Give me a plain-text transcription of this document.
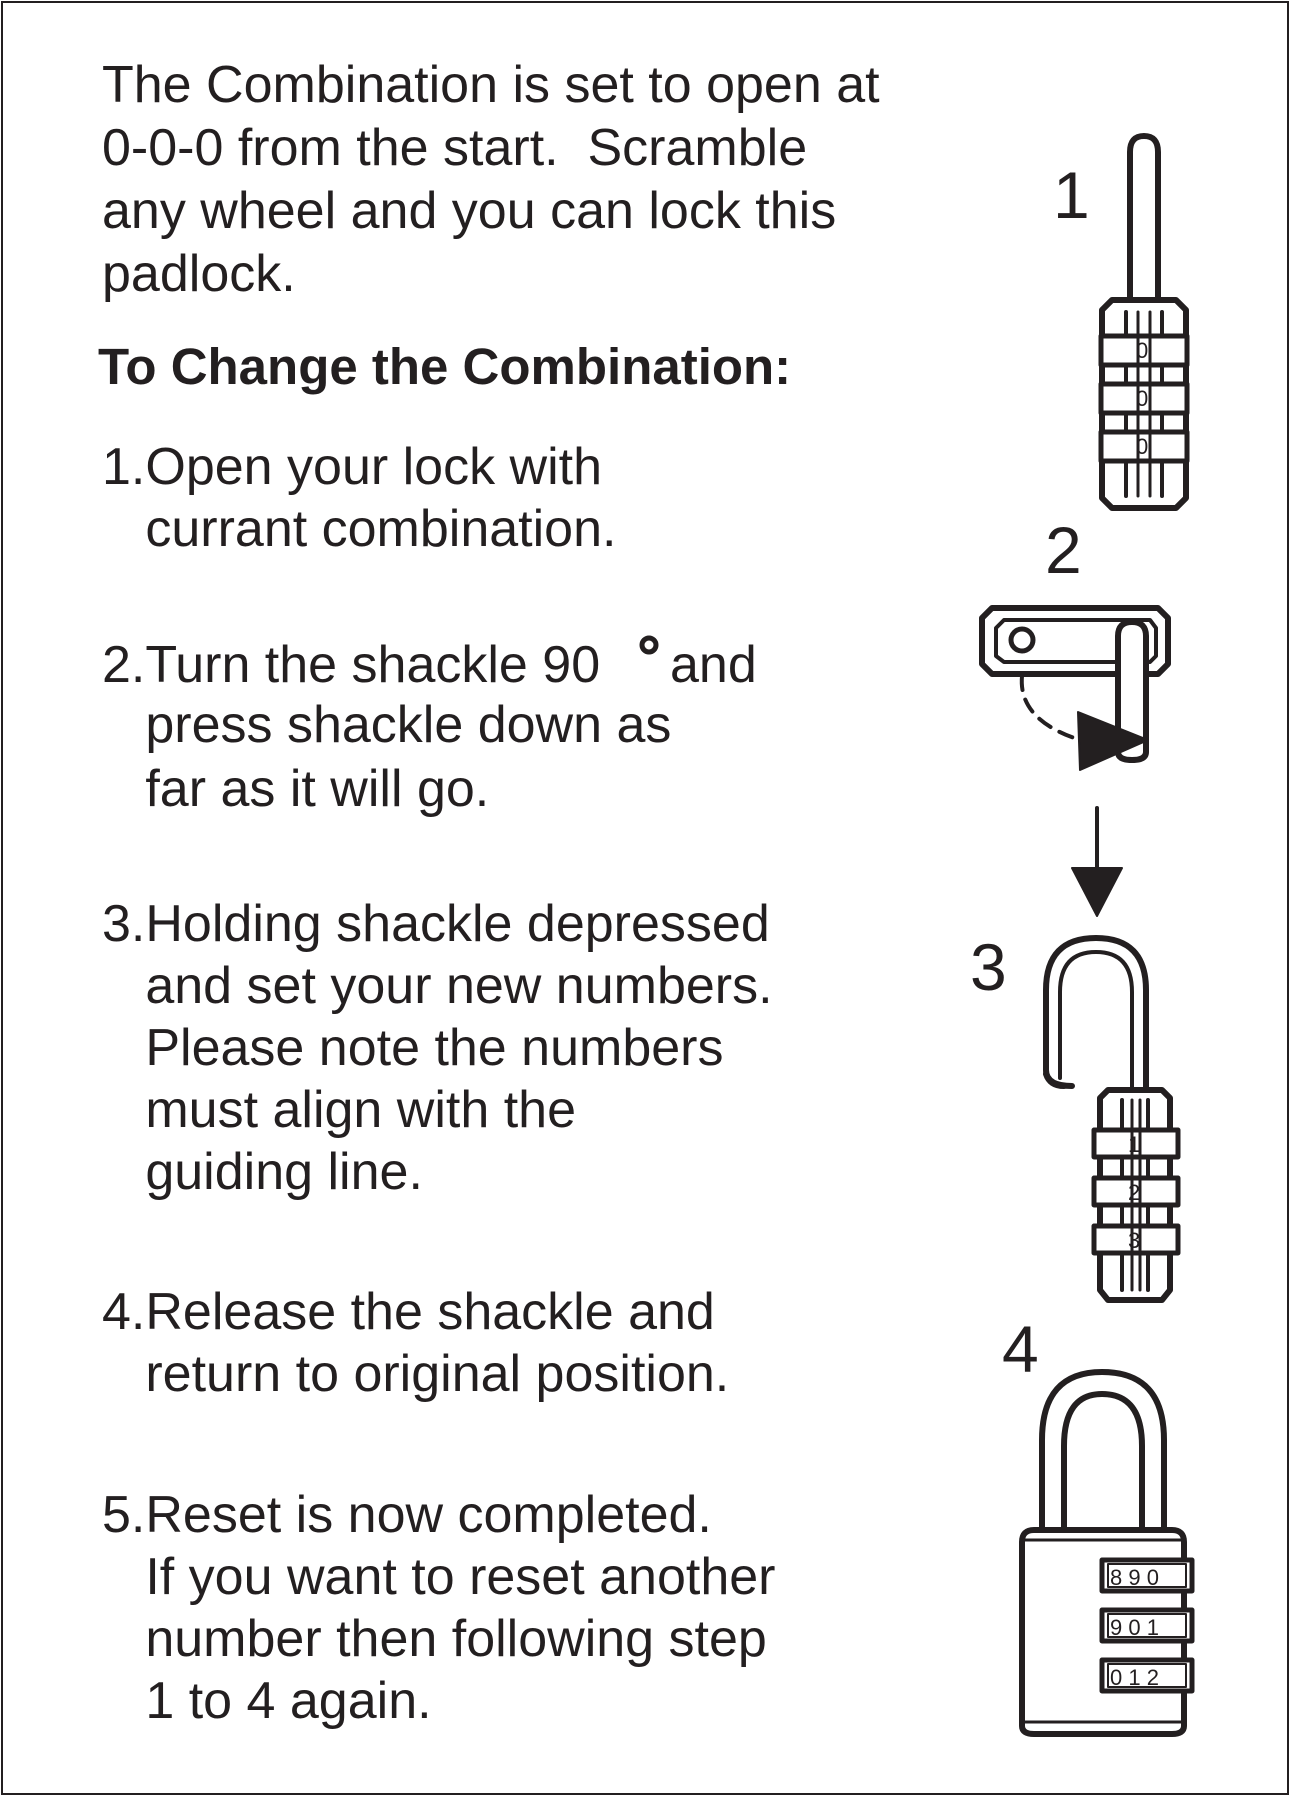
The Combination is set to open at
0-0-0 from the start.  Scramble
any wheel and you can lock this
padlock.
To Change the Combination:
1.Open your lock with
currant combination.
2.Turn the shackle 90 and
press shackle down as
far as it will go.
3.Holding shackle depressed
and set your new numbers.
Please note the numbers
must align with the
guiding line.
4.Release the shackle and
return to original position.
5.Reset is now completed.
If you want to reset another
number then following step
1 to 4 again.
1
0
0
0
2
3
1
2
3
4
8 9 0
9 0 1
0 1 2
